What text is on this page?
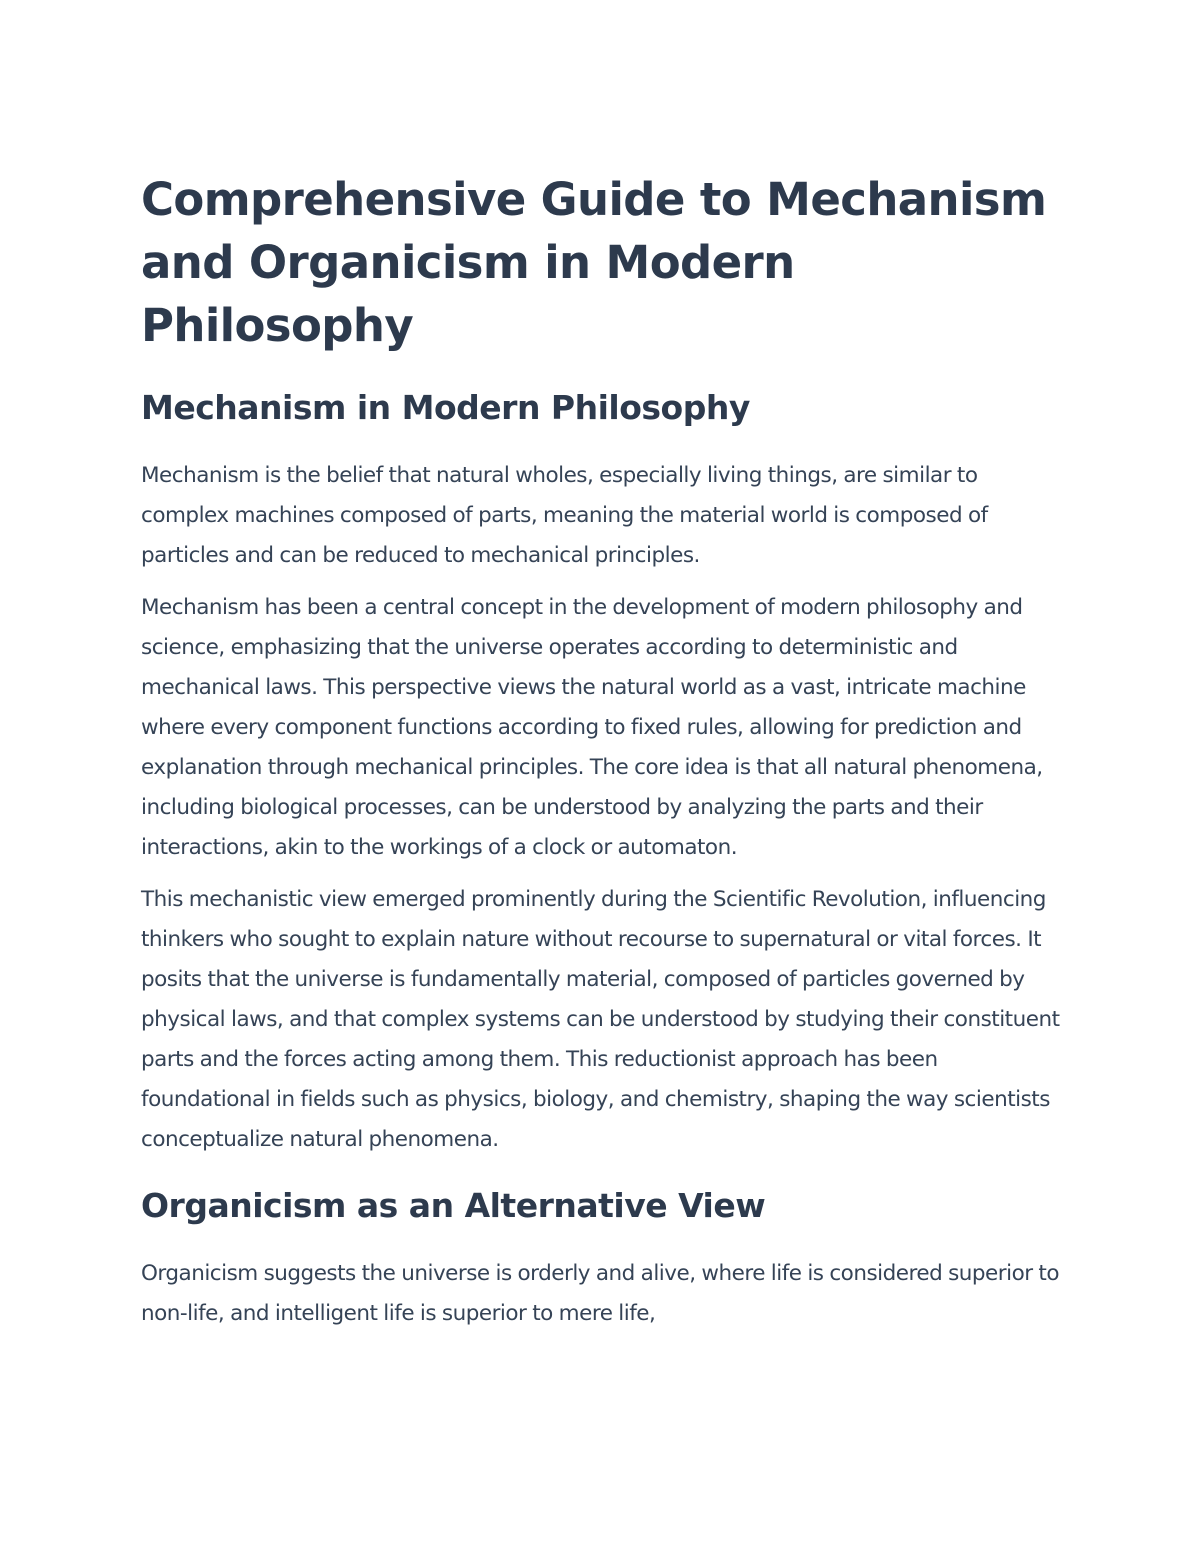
Comprehensive Guide to Mechanism and Organicism in Modern Philosophy
Mechanism in Modern Philosophy

Mechanism is the belief that natural wholes, especially living things, are similar to complex machines composed of parts, meaning the material world is composed of particles and can be reduced to mechanical principles.

Mechanism has been a central concept in the development of modern philosophy and science, emphasizing that the universe operates according to deterministic and mechanical laws. This perspective views the natural world as a vast, intricate machine where every component functions according to fixed rules, allowing for prediction and explanation through mechanical principles. The core idea is that all natural phenomena, including biological processes, can be understood by analyzing the parts and their interactions, akin to the workings of a clock or automaton.

This mechanistic view emerged prominently during the Scientific Revolution, influencing thinkers who sought to explain nature without recourse to supernatural or vital forces. It posits that the universe is fundamentally material, composed of particles governed by physical laws, and that complex systems can be understood by studying their constituent parts and the forces acting among them. This reductionist approach has been foundational in fields such as physics, biology, and chemistry, shaping the way scientists conceptualize natural phenomena.

Organicism as an Alternative View

Organicism suggests the universe is orderly and alive, where life is considered superior to non-life, and intelligent life is superior to mere life,
